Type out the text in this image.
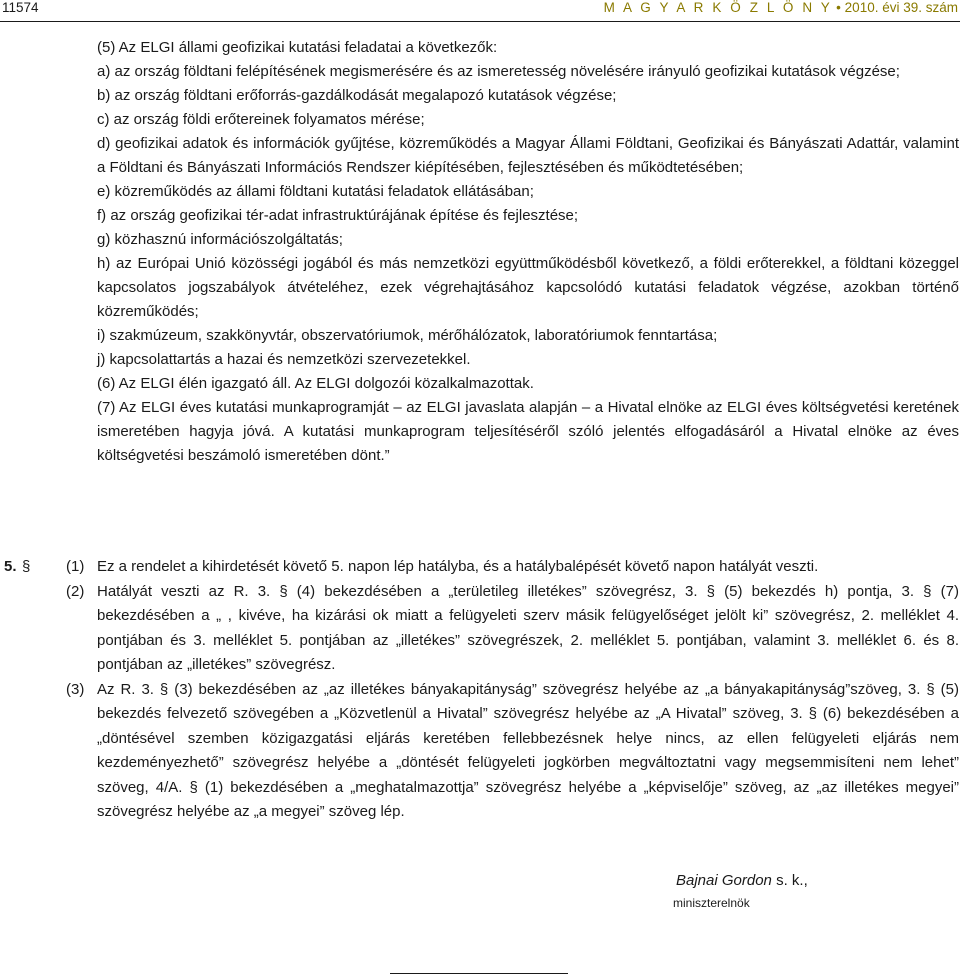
11574	M A G Y A R K Ö Z L Ö N Y • 2010. évi 39. szám

(5) Az ELGI állami geofizikai kutatási feladatai a következők:

a) az ország földtani felépítésének megismerésére és az ismeretesség növelésére irányuló geofizikai kutatások végzése;

b) az ország földtani erőforrás-gazdálkodását megalapozó kutatások végzése;

c) az ország földi erőtereinek folyamatos mérése;

d) geofizikai adatok és információk gyűjtése, közreműködés a Magyar Állami Földtani, Geofizikai és Bányászati Adattár, valamint a Földtani és Bányászati Információs Rendszer kiépítésében, fejlesztésében és működtetésében;

e) közreműködés az állami földtani kutatási feladatok ellátásában;

f) az ország geofizikai tér-adat infrastruktúrájának építése és fejlesztése;

g) közhasznú információszolgáltatás;

h) az Európai Unió közösségi jogából és más nemzetközi együttműködésből következő, a földi erőterekkel, a földtani közeggel kapcsolatos jogszabályok átvételéhez, ezek végrehajtásához kapcsolódó kutatási feladatok végzése, azokban történő közreműködés;

i) szakmúzeum, szakkönyvtár, obszervatóriumok, mérőhálózatok, laboratóriumok fenntartása;

j) kapcsolattartás a hazai és nemzetközi szervezetekkel.

(6) Az ELGI élén igazgató áll. Az ELGI dolgozói közalkalmazottak.

(7) Az ELGI éves kutatási munkaprogramját – az ELGI javaslata alapján – a Hivatal elnöke az ELGI éves költségvetési keretének ismeretében hagyja jóvá. A kutatási munkaprogram teljesítéséről szóló jelentés elfogadásáról a Hivatal elnöke az éves költségvetési beszámoló ismeretében dönt.”

5. § (1) Ez a rendelet a kihirdetését követő 5. napon lép hatályba, és a hatálybalépését követő napon hatályát veszti.
(2) Hatályát veszti az R. 3. § (4) bekezdésében a „területileg illetékes” szövegrész, 3. § (5) bekezdés h) pontja, 3. § (7) bekezdésében a „ , kivéve, ha kizárási ok miatt a felügyeleti szerv másik felügyelőséget jelölt ki” szövegrész, 2. melléklet 4. pontjában és 3. melléklet 5. pontjában az „illetékes” szövegrészek, 2. melléklet 5. pontjában, valamint 3. melléklet 6. és 8. pontjában az „illetékes” szövegrész.
(3) Az R. 3. § (3) bekezdésében az „az illetékes bányakapitányság” szövegrész helyébe az „a bányakapitányság”szöveg, 3. § (5) bekezdés felvezető szövegében a „Közvetlenül a Hivatal” szövegrész helyébe az „A Hivatal” szöveg, 3. § (6) bekezdésében a „döntésével szemben közigazgatási eljárás keretében fellebbezésnek helye nincs, az ellen felügyeleti eljárás nem kezdeményezhető” szövegrész helyébe a „döntését felügyeleti jogkörben megváltoztatni vagy megsemmisíteni nem lehet” szöveg, 4/A. § (1) bekezdésében a „meghatalmazottja” szövegrész helyébe a „képviselője” szöveg, az „az illetékes megyei” szövegrész helyébe az „a megyei” szöveg lép.
Bajnai Gordon s. k.,
miniszterelnök
